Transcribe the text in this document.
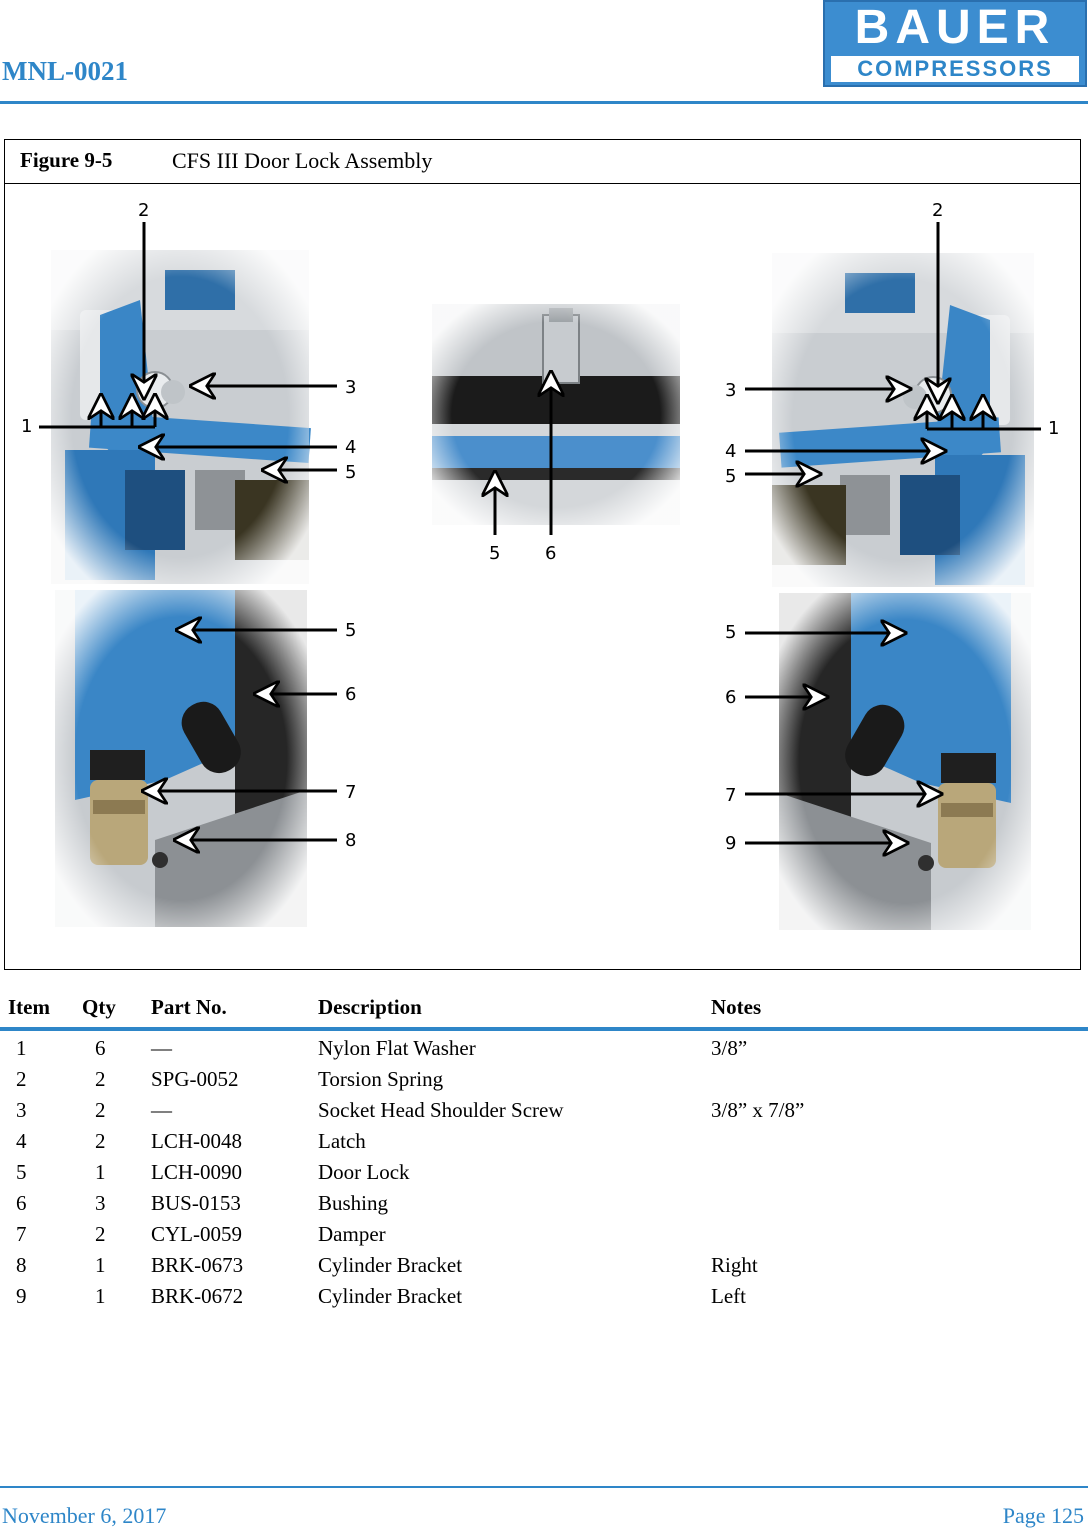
MNL-0021
BAUER
COMPRESSORS
Figure 9-5	CFS III Door Lock Assembly
2
3
1
4
5
2
3
1
4
5
5 6
5
6
7
8
5
6
7
9
Item Qty Part No.	Description	Notes
1	6 —	Nylon Flat Washer	3/8”
2	2 SPG-0052	Torsion Spring
3	2 —	Socket Head Shoulder Screw	3/8” x 7/8”
4	2 LCH-0048	Latch
5	1 LCH-0090	Door Lock
6	3 BUS-0153	Bushing
7	2 CYL-0059	Damper
8	1 BRK-0673	Cylinder Bracket	Right
9	1 BRK-0672	Cylinder Bracket	Left
November 6, 2017	Page 125
